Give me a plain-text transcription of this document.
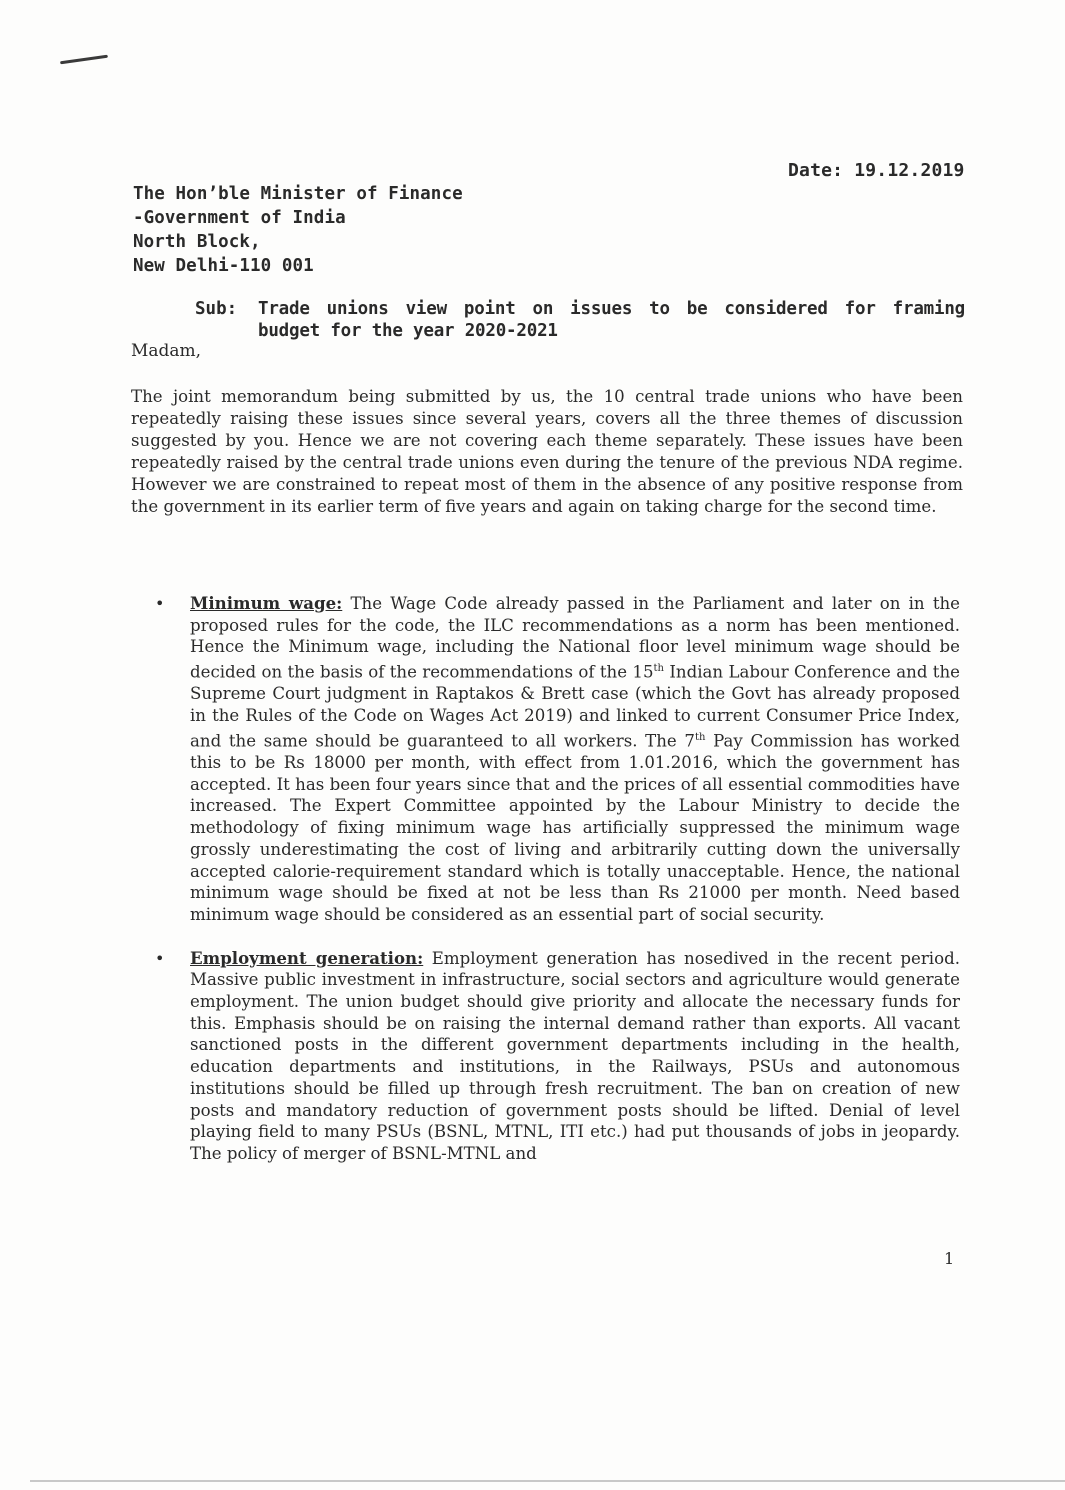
Date: 19.12.2019
The Hon’ble Minister of Finance
-Government of India
North Block,
New Delhi-110 001
Sub: Trade unions view point on issues to be considered for framing budget for the year 2020-2021
Madam,

The joint memorandum being submitted by us, the 10 central trade unions who have been repeatedly raising these issues since several years, covers all the three themes of discussion suggested by you. Hence we are not covering each theme separately. These issues have been repeatedly raised by the central trade unions even during the tenure of the previous NDA regime. However we are constrained to repeat most of them in the absence of any positive response from the government in its earlier term of five years and again on taking charge for the second time.

• Minimum wage: The Wage Code already passed in the Parliament and later on in the proposed rules for the code, the ILC recommendations as a norm has been mentioned. Hence the Minimum wage, including the National floor level minimum wage should be decided on the basis of the recommendations of the 15th Indian Labour Conference and the Supreme Court judgment in Raptakos & Brett case (which the Govt has already proposed in the Rules of the Code on Wages Act 2019) and linked to current Consumer Price Index, and the same should be guaranteed to all workers. The 7th Pay Commission has worked this to be Rs 18000 per month, with effect from 1.01.2016, which the government has accepted. It has been four years since that and the prices of all essential commodities have increased. The Expert Committee appointed by the Labour Ministry to decide the methodology of fixing minimum wage has artificially suppressed the minimum wage grossly underestimating the cost of living and arbitrarily cutting down the universally accepted calorie-requirement standard which is totally unacceptable. Hence, the national minimum wage should be fixed at not be less than Rs 21000 per month. Need based minimum wage should be considered as an essential part of social security.
• Employment generation: Employment generation has nosedived in the recent period. Massive public investment in infrastructure, social sectors and agriculture would generate employment. The union budget should give priority and allocate the necessary funds for this. Emphasis should be on raising the internal demand rather than exports. All vacant sanctioned posts in the different government departments including in the health, education departments and institutions, in the Railways, PSUs and autonomous institutions should be filled up through fresh recruitment. The ban on creation of new posts and mandatory reduction of government posts should be lifted. Denial of level playing field to many PSUs (BSNL, MTNL, ITI etc.) had put thousands of jobs in jeopardy. The policy of merger of BSNL-MTNL and
1
